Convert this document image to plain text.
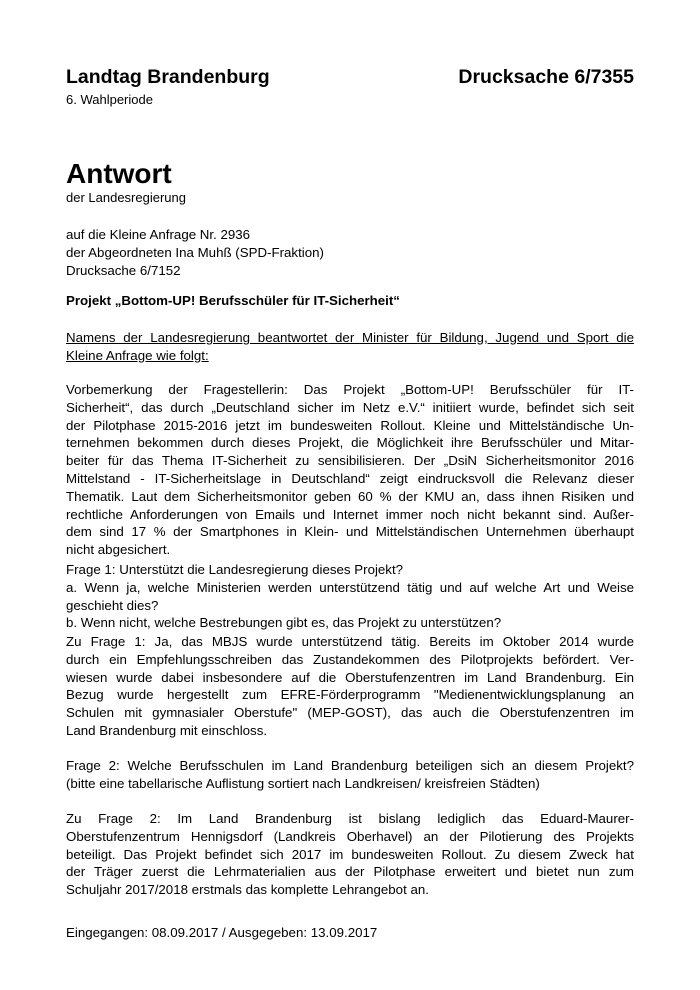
Landtag Brandenburg	Drucksache 6/7355
6. Wahlperiode
Antwort
der Landesregierung
auf die Kleine Anfrage Nr. 2936
der Abgeordneten Ina Muhß (SPD-Fraktion)
Drucksache 6/7152
Projekt „Bottom-UP! Berufsschüler für IT-Sicherheit“
Namens der Landesregierung beantwortet der Minister für Bildung, Jugend und Sport die
Kleine Anfrage wie folgt:
Vorbemerkung der Fragestellerin: Das Projekt „Bottom-UP! Berufsschüler für IT-
Sicherheit“, das durch „Deutschland sicher im Netz e.V.“ initiiert wurde, befindet sich seit
der Pilotphase 2015-2016 jetzt im bundesweiten Rollout. Kleine und Mittelständische Un-
ternehmen bekommen durch dieses Projekt, die Möglichkeit ihre Berufsschüler und Mitar-
beiter für das Thema IT-Sicherheit zu sensibilisieren. Der „DsiN Sicherheitsmonitor 2016
Mittelstand - IT-Sicherheitslage in Deutschland“ zeigt eindrucksvoll die Relevanz dieser
Thematik. Laut dem Sicherheitsmonitor geben 60 % der KMU an, dass ihnen Risiken und
rechtliche Anforderungen von Emails und Internet immer noch nicht bekannt sind. Außer-
dem sind 17 % der Smartphones in Klein- und Mittelständischen Unternehmen überhaupt
nicht abgesichert.
Frage 1: Unterstützt die Landesregierung dieses Projekt?
a. Wenn ja, welche Ministerien werden unterstützend tätig und auf welche Art und Weise
geschieht dies?
b. Wenn nicht, welche Bestrebungen gibt es, das Projekt zu unterstützen?
Zu Frage 1: Ja, das MBJS wurde unterstützend tätig. Bereits im Oktober 2014 wurde
durch ein Empfehlungsschreiben das Zustandekommen des Pilotprojekts befördert. Ver-
wiesen wurde dabei insbesondere auf die Oberstufenzentren im Land Brandenburg. Ein
Bezug wurde hergestellt zum EFRE-Förderprogramm "Medienentwicklungsplanung an
Schulen mit gymnasialer Oberstufe" (MEP-GOST), das auch die Oberstufenzentren im
Land Brandenburg mit einschloss.
Frage 2: Welche Berufsschulen im Land Brandenburg beteiligen sich an diesem Projekt?
(bitte eine tabellarische Auflistung sortiert nach Landkreisen/ kreisfreien Städten)
Zu Frage 2: Im Land Brandenburg ist bislang lediglich das Eduard-Maurer-
Oberstufenzentrum Hennigsdorf (Landkreis Oberhavel) an der Pilotierung des Projekts
beteiligt. Das Projekt befindet sich 2017 im bundesweiten Rollout. Zu diesem Zweck hat
der Träger zuerst die Lehrmaterialien aus der Pilotphase erweitert und bietet nun zum
Schuljahr 2017/2018 erstmals das komplette Lehrangebot an.
Eingegangen: 08.09.2017 / Ausgegeben: 13.09.2017
